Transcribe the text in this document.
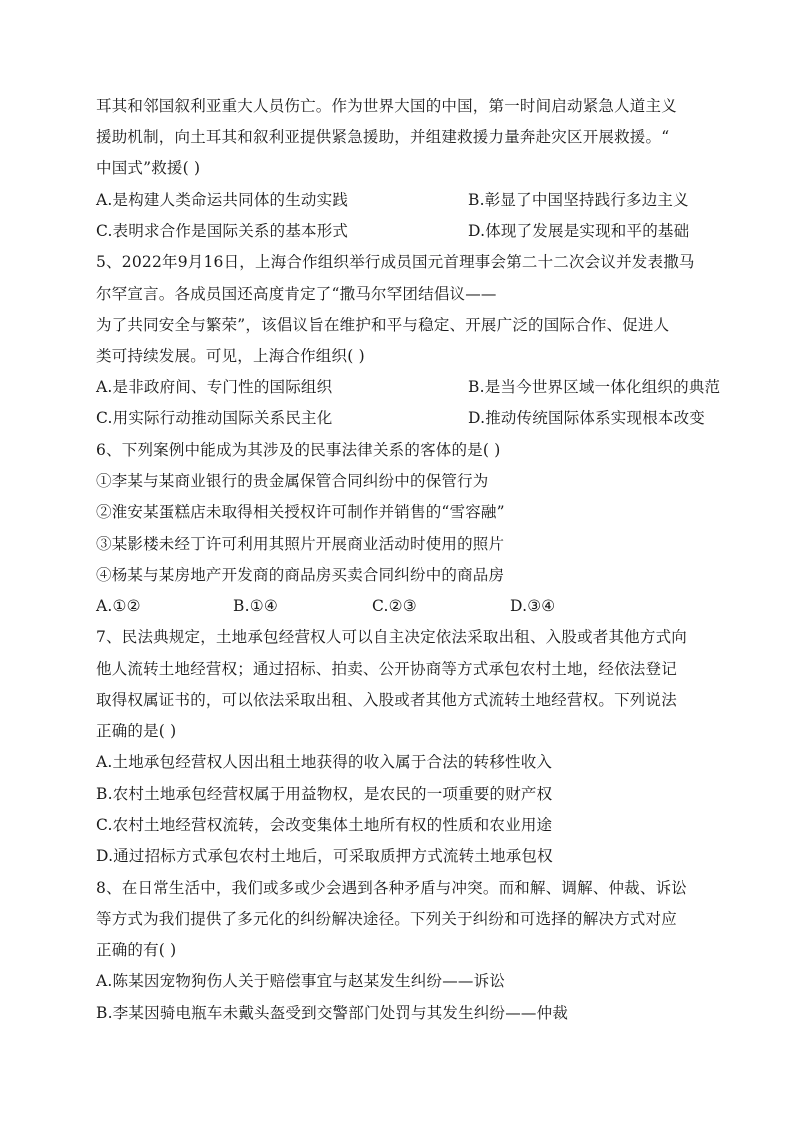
耳其和邻国叙利亚重大人员伤亡。作为世界大国的中国，第一时间启动紧急人道主义
援助机制，向土耳其和叙利亚提供紧急援助，并组建救援力量奔赴灾区开展救援。“
中国式”救援( )
A.是构建人类命运共同体的生动实践	B.彰显了中国坚持践行多边主义
C.表明求合作是国际关系的基本形式	D.体现了发展是实现和平的基础
5、2022年9月16日，上海合作组织举行成员国元首理事会第二十二次会议并发表撒马
尔罕宣言。各成员国还高度肯定了“撒马尔罕团结倡议——
为了共同安全与繁荣”，该倡议旨在维护和平与稳定、开展广泛的国际合作、促进人
类可持续发展。可见，上海合作组织( )
A.是非政府间、专门性的国际组织	B.是当今世界区域一体化组织的典范
C.用实际行动推动国际关系民主化	D.推动传统国际体系实现根本改变
6、下列案例中能成为其涉及的民事法律关系的客体的是( )
①李某与某商业银行的贵金属保管合同纠纷中的保管行为
②淮安某蛋糕店未取得相关授权许可制作并销售的“雪容融”
③某影楼未经丁许可利用其照片开展商业活动时使用的照片
④杨某与某房地产开发商的商品房买卖合同纠纷中的商品房
A.①②	B.①④	C.②③	D.③④
7、民法典规定，土地承包经营权人可以自主决定依法采取出租、入股或者其他方式向
他人流转土地经营权；通过招标、拍卖、公开协商等方式承包农村土地，经依法登记
取得权属证书的，可以依法采取出租、入股或者其他方式流转土地经营权。下列说法
正确的是( )
A.土地承包经营权人因出租土地获得的收入属于合法的转移性收入
B.农村土地承包经营权属于用益物权，是农民的一项重要的财产权
C.农村土地经营权流转，会改变集体土地所有权的性质和农业用途
D.通过招标方式承包农村土地后，可采取质押方式流转土地承包权
8、在日常生活中，我们或多或少会遇到各种矛盾与冲突。而和解、调解、仲裁、诉讼
等方式为我们提供了多元化的纠纷解决途径。下列关于纠纷和可选择的解决方式对应
正确的有( )
A.陈某因宠物狗伤人关于赔偿事宜与赵某发生纠纷——诉讼
B.李某因骑电瓶车未戴头盔受到交警部门处罚与其发生纠纷——仲裁
